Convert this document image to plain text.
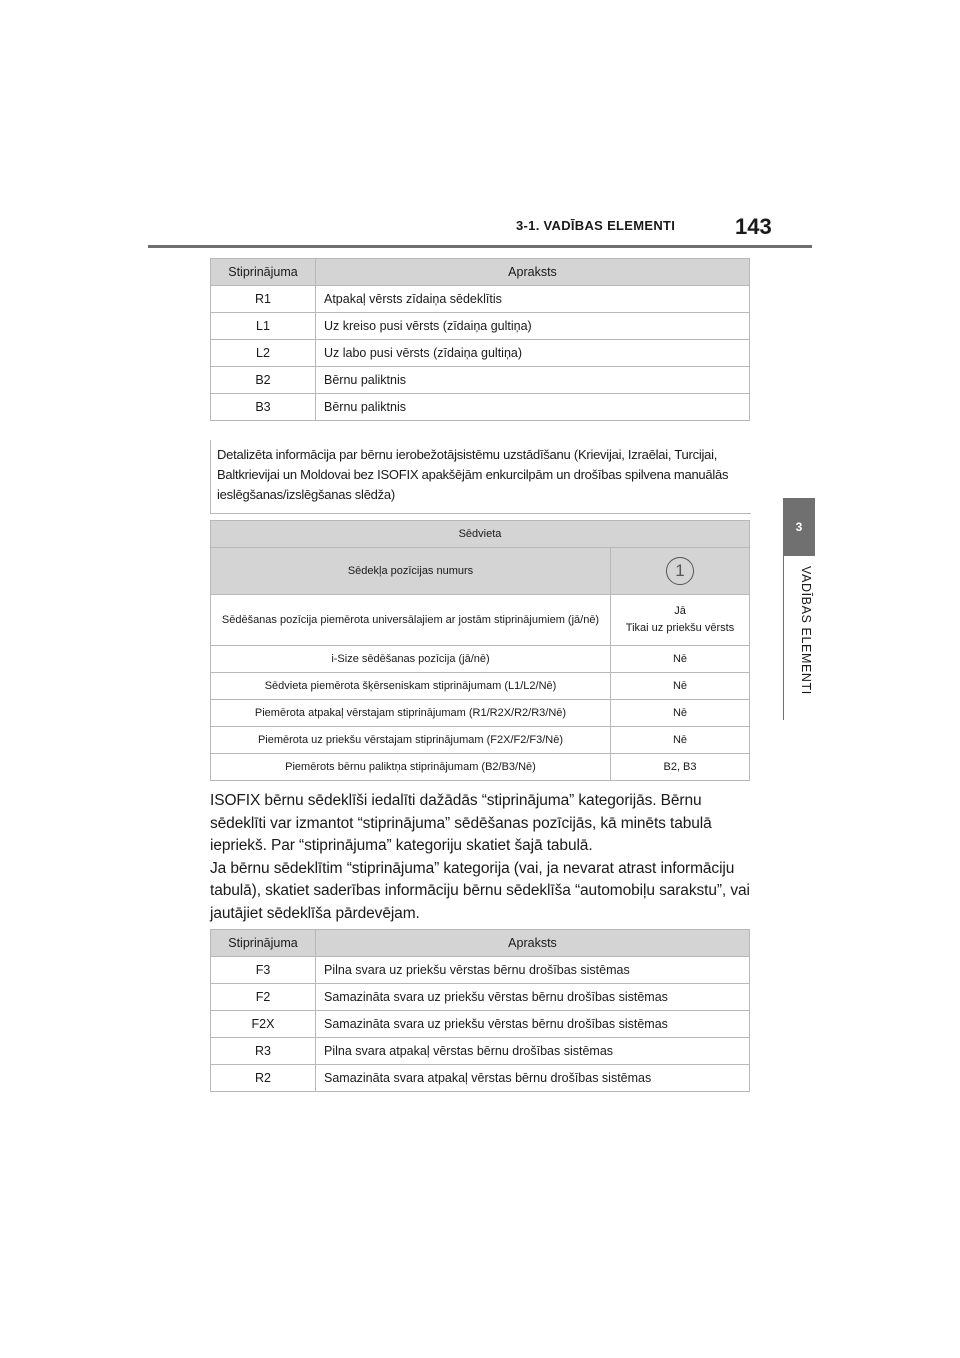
3-1. VADĪBAS ELEMENTI	143
3
VADĪBAS ELEMENTI
Stiprinājuma	Apraksts
R1	Atpakaļ vērsts zīdaiņa sēdeklītis
L1	Uz kreiso pusi vērsts (zīdaiņa gultiņa)
L2	Uz labo pusi vērsts (zīdaiņa gultiņa)
B2	Bērnu paliktnis
B3	Bērnu paliktnis
Detalizēta informācija par bērnu ierobežotājsistēmu uzstādīšanu (Krievijai, Izraēlai, Turcijai, Baltkrievijai un Moldovai bez ISOFIX apakšējām enkurcilpām un drošības spilvena manuālās ieslēgšanas/izslēgšanas slēdža)
Sēdvieta	
Sēdekļa pozīcijas numurs	1
Sēdēšanas pozīcija piemērota universālajiem ar jostām stiprinājumiem (jā/nē)	Jā
Tikai uz priekšu vērsts

i-Size sēdēšanas pozīcija (jā/nē)	Nē
Sēdvieta piemērota šķērseniskam stiprinājumam (L1/L2/Nē)	Nē
Piemērota atpakaļ vērstajam stiprinājumam (R1/R2X/R2/R3/Nē)	Nē
Piemērota uz priekšu vērstajam stiprinājumam (F2X/F2/F3/Nē)	Nē
Piemērots bērnu paliktņa stiprinājumam (B2/B3/Nē)	B2, B3

ISOFIX bērnu sēdeklīši iedalīti dažādās “stiprinājuma” kategorijās. Bērnu sēdeklīti var izmantot “stiprinājuma” sēdēšanas pozīcijās, kā minēts tabulā iepriekš. Par “stiprinājuma” kategoriju skatiet šajā tabulā.

Ja bērnu sēdeklītim “stiprinājuma” kategorija (vai, ja nevarat atrast informāciju tabulā), skatiet saderības informāciju bērnu sēdeklīša “automobiļu sarakstu”, vai jautājiet sēdeklīša pārdevējam.

Stiprinājuma	Apraksts
F3	Pilna svara uz priekšu vērstas bērnu drošības sistēmas
F2	Samazināta svara uz priekšu vērstas bērnu drošības sistēmas
F2X	Samazināta svara uz priekšu vērstas bērnu drošības sistēmas
R3	Pilna svara atpakaļ vērstas bērnu drošības sistēmas
R2	Samazināta svara atpakaļ vērstas bērnu drošības sistēmas
